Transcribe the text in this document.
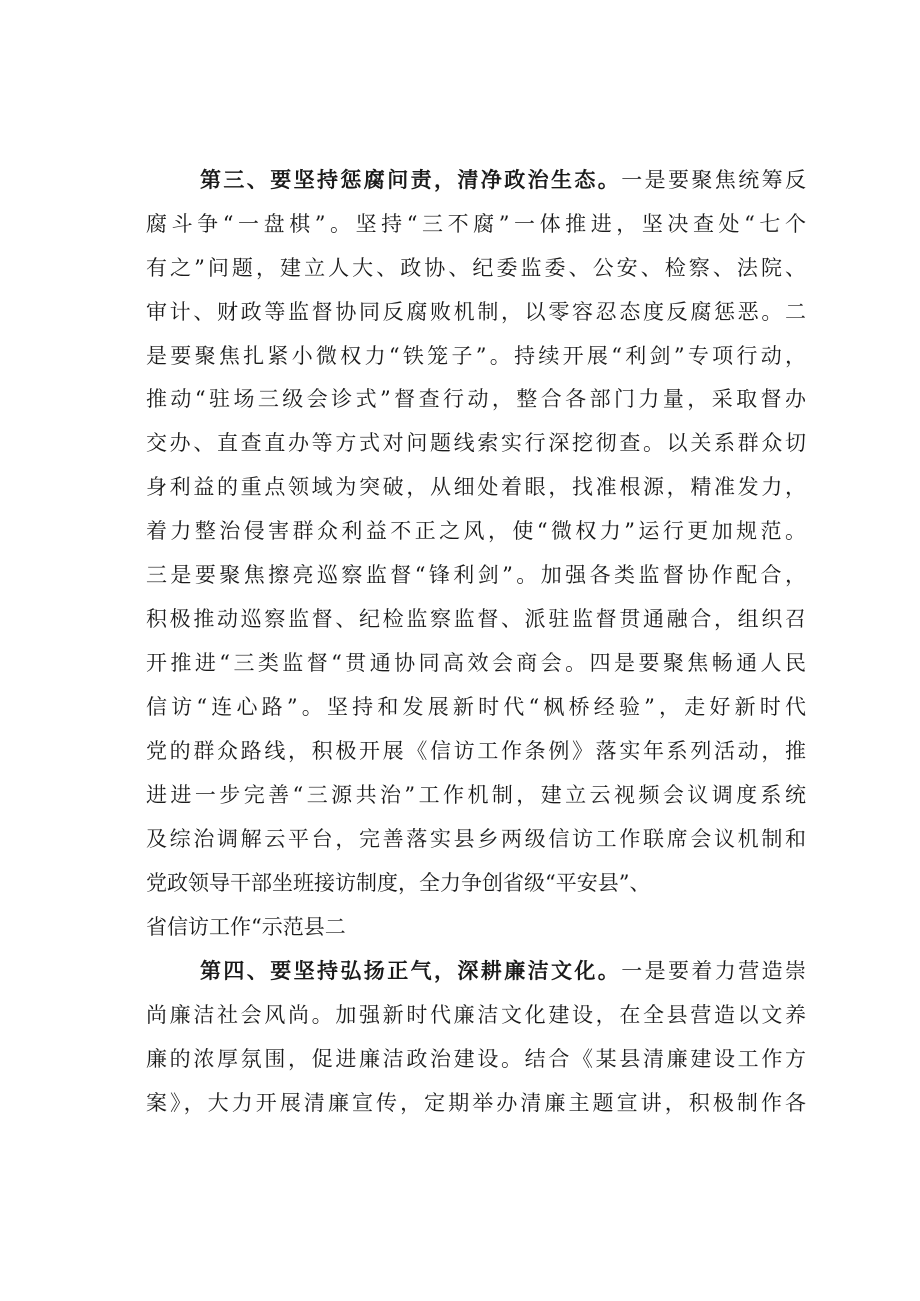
第三、要坚持惩腐问责，清净政治生态。一是要聚焦统筹反
腐斗争“一盘棋”。坚持“三不腐”一体推进，坚决查处“七个
有之”问题，建立人大、政协、纪委监委、公安、检察、法院、
审计、财政等监督协同反腐败机制，以零容忍态度反腐惩恶。二
是要聚焦扎紧小微权力“铁笼子”。持续开展“利剑”专项行动，
推动“驻场三级会诊式”督查行动，整合各部门力量，采取督办
交办、直查直办等方式对问题线索实行深挖彻查。以关系群众切
身利益的重点领域为突破，从细处着眼，找准根源，精准发力，
着力整治侵害群众利益不正之风，使“微权力”运行更加规范。
三是要聚焦擦亮巡察监督“锋利剑”。加强各类监督协作配合，
积极推动巡察监督、纪检监察监督、派驻监督贯通融合，组织召
开推进“三类监督“贯通协同高效会商会。四是要聚焦畅通人民
信访“连心路”。坚持和发展新时代“枫桥经验”，走好新时代
党的群众路线，积极开展《信访工作条例》落实年系列活动，推
进进一步完善“三源共治”工作机制，建立云视频会议调度系统
及综治调解云平台，完善落实县乡两级信访工作联席会议机制和
党政领导干部坐班接访制度，全力争创省级“平安县”、
省信访工作“示范县二
第四、要坚持弘扬正气，深耕廉洁文化。一是要着力营造崇
尚廉洁社会风尚。加强新时代廉洁文化建设，在全县营造以文养
廉的浓厚氛围，促进廉洁政治建设。结合《某县清廉建设工作方
案》，大力开展清廉宣传，定期举办清廉主题宣讲，积极制作各
